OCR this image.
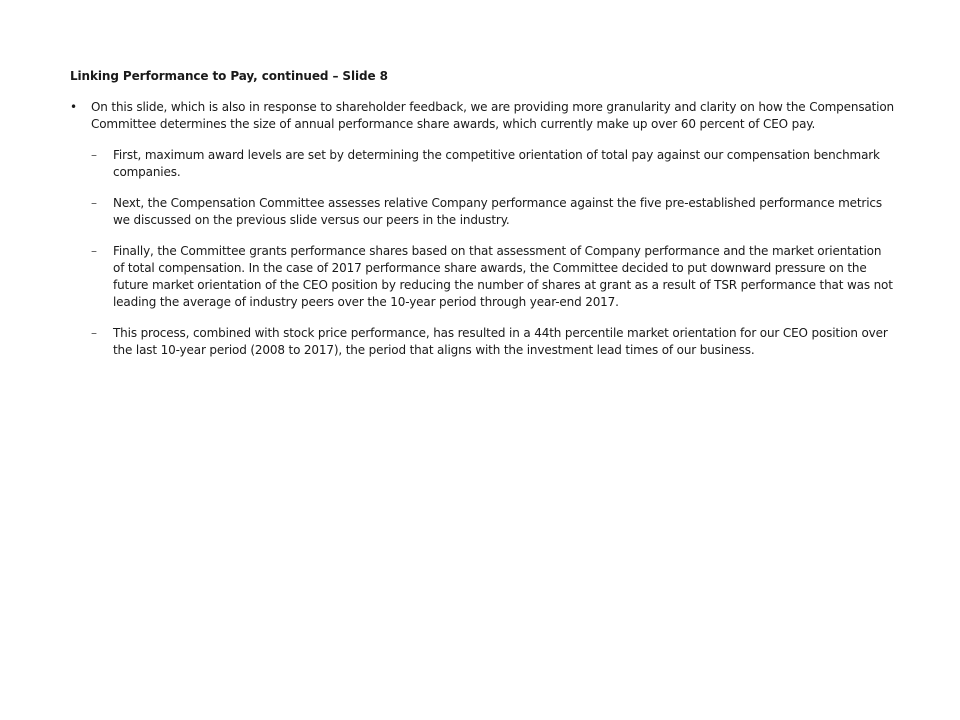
Linking Performance to Pay, continued – Slide 8
• On this slide, which is also in response to shareholder feedback, we are providing more granularity and clarity on how the Compensation Committee determines the size of annual performance share awards, which currently make up over 60 percent of CEO pay.
– First, maximum award levels are set by determining the competitive orientation of total pay against our compensation benchmark companies.
– Next, the Compensation Committee assesses relative Company performance against the five pre-established performance metrics we discussed on the previous slide versus our peers in the industry.
– Finally, the Committee grants performance shares based on that assessment of Company performance and the market orientation of total compensation. In the case of 2017 performance share awards, the Committee decided to put downward pressure on the future market orientation of the CEO position by reducing the number of shares at grant as a result of TSR performance that was not leading the average of industry peers over the 10-year period through year-end 2017.
– This process, combined with stock price performance, has resulted in a 44th percentile market orientation for our CEO position over the last 10-year period (2008 to 2017), the period that aligns with the investment lead times of our business.
